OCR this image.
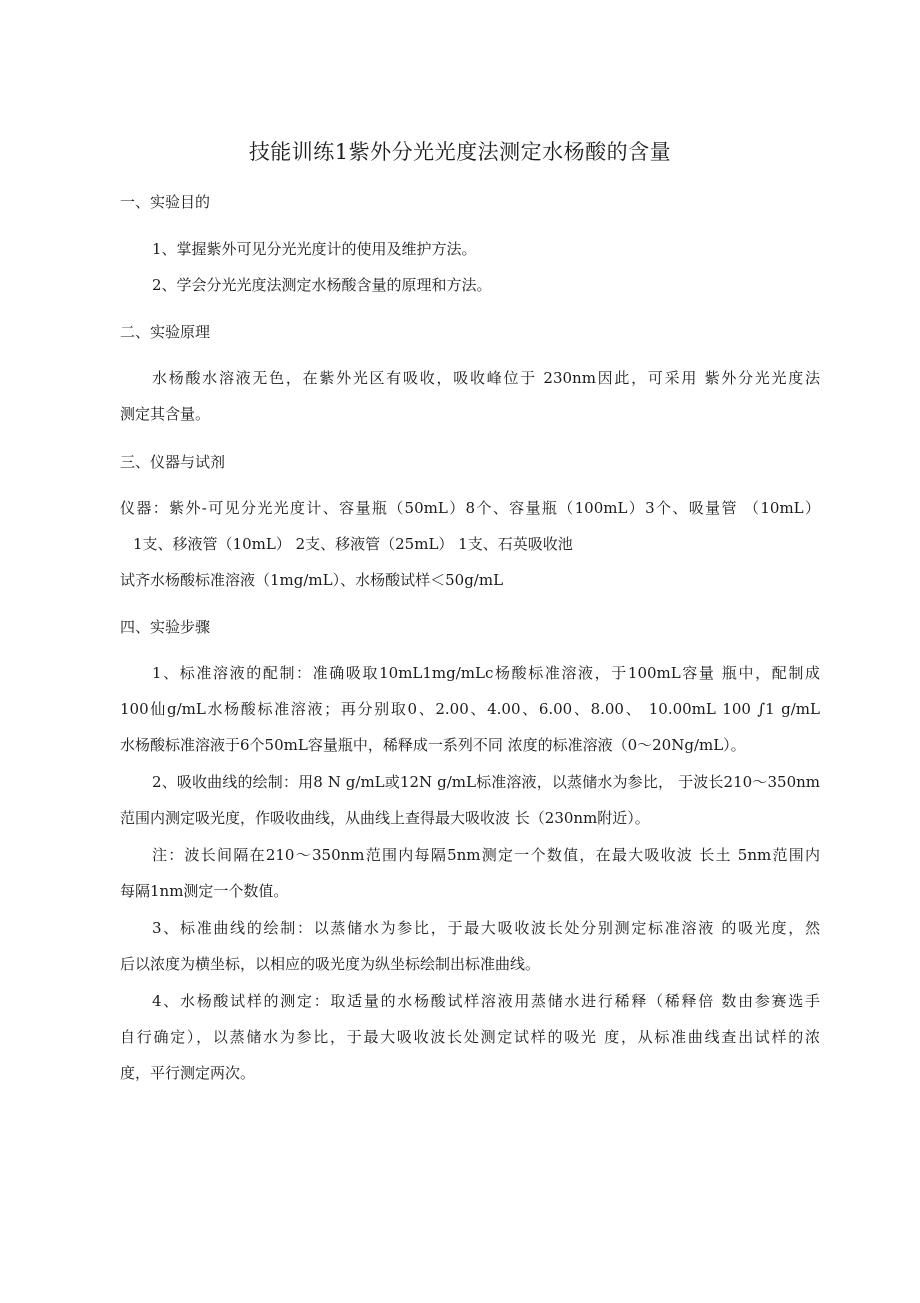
技能训练1紫外分光光度法测定水杨酸的含量
一、实验目的
1、掌握紫外可见分光光度计的使用及维护方法。
2、学会分光光度法测定水杨酸含量的原理和方法。
二、实验原理
水杨酸水溶液无色，在紫外光区有吸收，吸收峰位于 230nm因此，可采用 紫外分光光度法
测定其含量。
三、仪器与试剂
仪器：紫外-可见分光光度计、容量瓶（50mL）8个、容量瓶（100mL）3个、吸量管 （10mL）
1支、移液管（10mL） 2支、移液管（25mL） 1支、石英吸收池
试齐水杨酸标准溶液（1mg/mL）、水杨酸试样＜50g/mL
四、实验步骤
1、标准溶液的配制：准确吸取10mL1mg/mLc杨酸标准溶液，于100mL容量 瓶中，配制成
100仙g/mL水杨酸标准溶液；再分别取0、2.00、4.00、6.00、8.00、 10.00mL 100 ∫1 g/mL
水杨酸标准溶液于6个50mL容量瓶中，稀释成一系列不同 浓度的标准溶液（0～20Ng/mL）。
2、吸收曲线的绘制：用8 N g/mL或12N g/mL标准溶液，以蒸储水为参比， 于波长210～350nm
范围内测定吸光度，作吸收曲线，从曲线上查得最大吸收波 长（230nm附近）。
注：波长间隔在210～350nm范围内每隔5nm测定一个数值，在最大吸收波 长土 5nm范围内
每隔1nm测定一个数值。
3、标准曲线的绘制：以蒸储水为参比，于最大吸收波长处分别测定标准溶液 的吸光度，然
后以浓度为横坐标，以相应的吸光度为纵坐标绘制出标准曲线。
4、水杨酸试样的测定：取适量的水杨酸试样溶液用蒸储水进行稀释（稀释倍 数由参赛选手
自行确定），以蒸储水为参比，于最大吸收波长处测定试样的吸光 度，从标准曲线查出试样的浓
度，平行测定两次。
